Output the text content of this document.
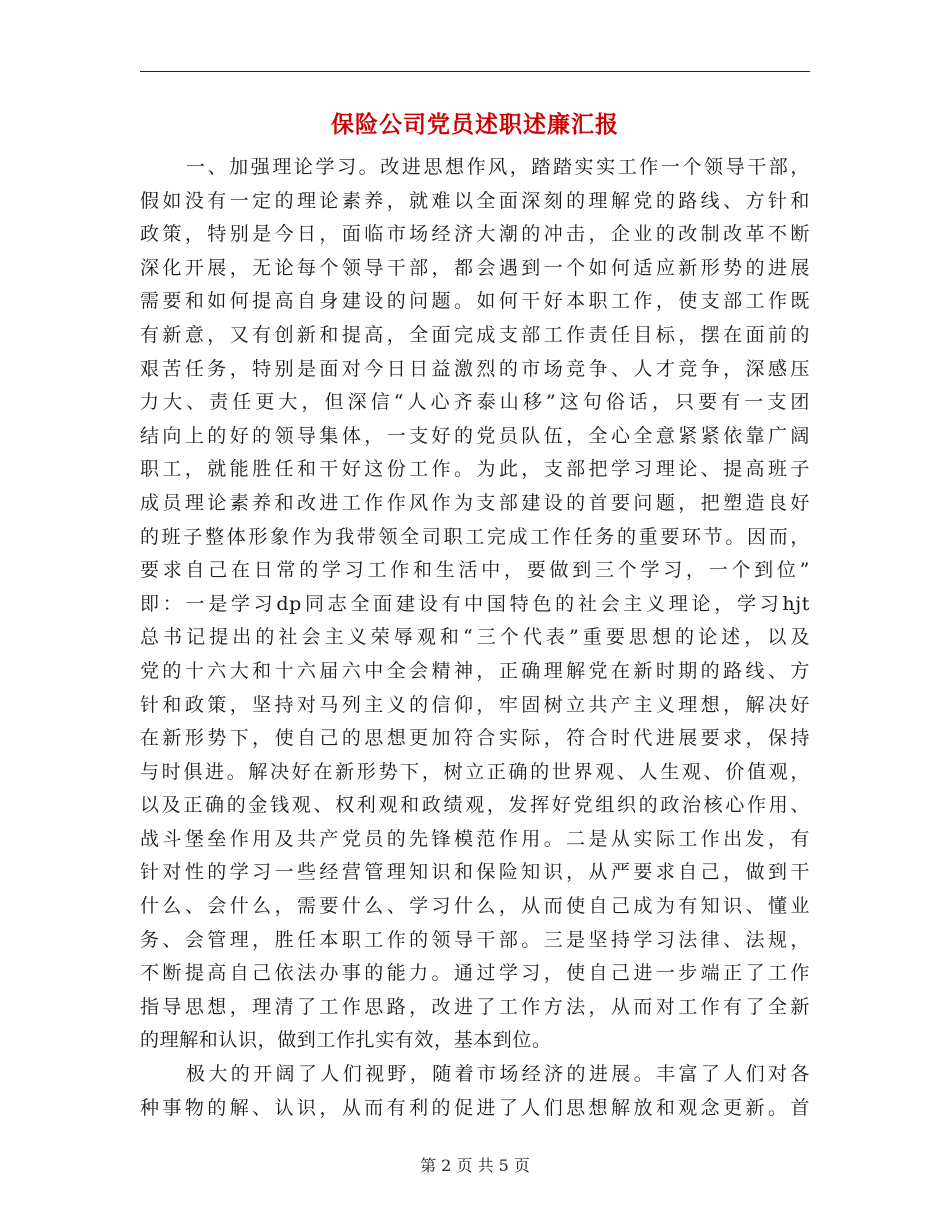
保险公司党员述职述廉汇报
一、加强理论学习。改进思想作风，踏踏实实工作一个领导干部，
假如没有一定的理论素养，就难以全面深刻的理解党的路线、方针和
政策，特别是今日，面临市场经济大潮的冲击，企业的改制改革不断
深化开展，无论每个领导干部，都会遇到一个如何适应新形势的进展
需要和如何提高自身建设的问题。如何干好本职工作，使支部工作既
有新意，又有创新和提高，全面完成支部工作责任目标，摆在面前的
艰苦任务，特别是面对今日日益激烈的市场竞争、人才竞争，深感压
力大、责任更大，但深信“人心齐泰山移”这句俗话，只要有一支团
结向上的好的领导集体，一支好的党员队伍，全心全意紧紧依靠广阔
职工，就能胜任和干好这份工作。为此，支部把学习理论、提高班子
成员理论素养和改进工作作风作为支部建设的首要问题，把塑造良好
的班子整体形象作为我带领全司职工完成工作任务的重要环节。因而，
要求自己在日常的学习工作和生活中，要做到三个学习，一个到位”
即：一是学习dp同志全面建设有中国特色的社会主义理论，学习hjt
总书记提出的社会主义荣辱观和“三个代表”重要思想的论述，以及
党的十六大和十六届六中全会精神，正确理解党在新时期的路线、方
针和政策，坚持对马列主义的信仰，牢固树立共产主义理想，解决好
在新形势下，使自己的思想更加符合实际，符合时代进展要求，保持
与时俱进。解决好在新形势下，树立正确的世界观、人生观、价值观，
以及正确的金钱观、权利观和政绩观，发挥好党组织的政治核心作用、
战斗堡垒作用及共产党员的先锋模范作用。二是从实际工作出发，有
针对性的学习一些经营管理知识和保险知识，从严要求自己，做到干
什么、会什么，需要什么、学习什么，从而使自己成为有知识、懂业
务、会管理，胜任本职工作的领导干部。三是坚持学习法律、法规，
不断提高自己依法办事的能力。通过学习，使自己进一步端正了工作
指导思想，理清了工作思路，改进了工作方法，从而对工作有了全新
的理解和认识，做到工作扎实有效，基本到位。
极大的开阔了人们视野，随着市场经济的进展。丰富了人们对各
种事物的解、认识，从而有利的促进了人们思想解放和观念更新。首
第 2 页 共 5 页
